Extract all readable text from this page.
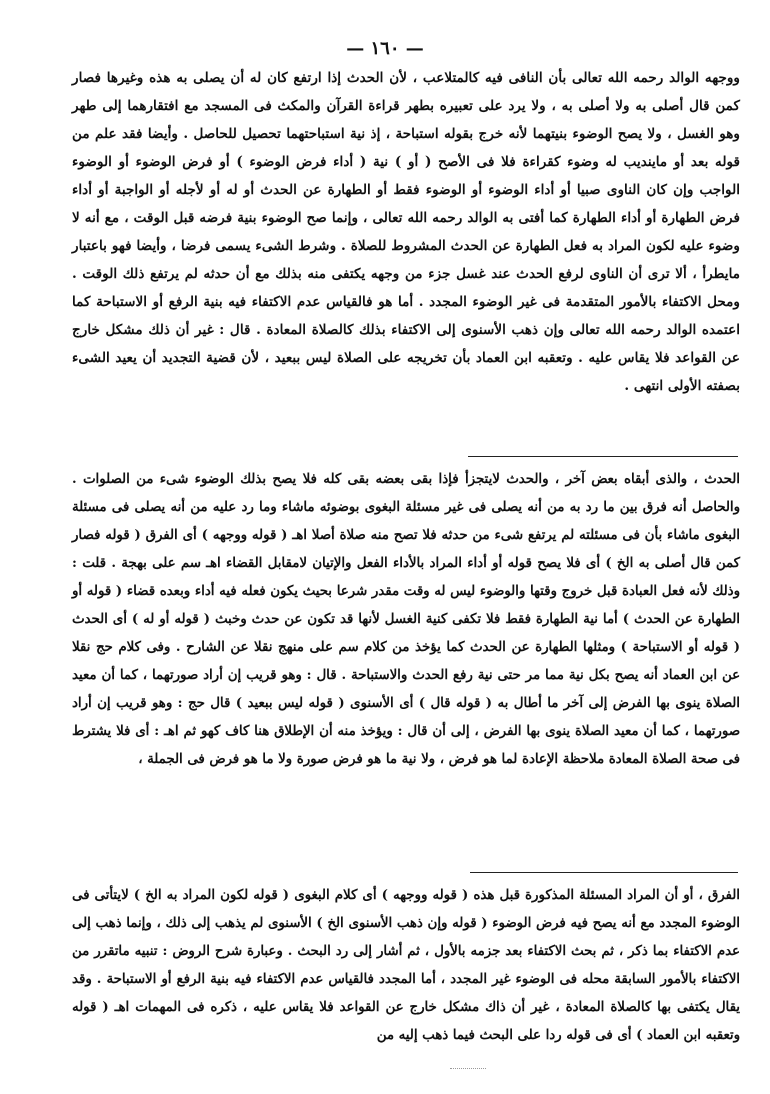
— ١٦٠ —

ووجهه الوالد رحمه الله تعالى بأن النافى فيه كالمتلاعب ، لأن الحدث إذا ارتفع كان له أن يصلى به هذه وغيرها فصار كمن قال أصلى به ولا أصلى به ، ولا يرد على تعبيره بطهر قراءة القرآن والمكث فى المسجد مع افتقارهما إلى طهر وهو الغسل ، ولا يصح الوضوء بنيتهما لأنه خرج بقوله استباحة ، إذ نية استباحتهما تحصيل للحاصل . وأيضا فقد علم من قوله بعد أو ماينديب له وضوء كقراءة فلا فى الأصح ( أو ) نية ( أداء فرض الوضوء ) أو فرض الوضوء أو الوضوء الواجب وإن كان الناوى صبيا أو أداء الوضوء أو الوضوء فقط أو الطهارة عن الحدث أو له أو لأجله أو الواجبة أو أداء فرض الطهارة أو أداء الطهارة كما أفتى به الوالد رحمه الله تعالى ، وإنما صح الوضوء بنية فرضه قبل الوقت ، مع أنه لا وضوء عليه لكون المراد به فعل الطهارة عن الحدث المشروط للصلاة . وشرط الشىء يسمى فرضا ، وأيضا فهو باعتبار مايطرأ ، ألا ترى أن الناوى لرفع الحدث عند غسل جزء من وجهه يكتفى منه بذلك مع أن حدثه لم يرتفع ذلك الوقت . ومحل الاكتفاء بالأمور المتقدمة فى غير الوضوء المجدد . أما هو فالقياس عدم الاكتفاء فيه بنية الرفع أو الاستباحة كما اعتمده الوالد رحمه الله تعالى وإن ذهب الأسنوى إلى الاكتفاء بذلك كالصلاة المعادة . قال : غير أن ذلك مشكل خارج عن القواعد فلا يقاس عليه . وتعقبه ابن العماد بأن تخريجه على الصلاة ليس ببعيد ، لأن قضية التجديد أن يعيد الشىء بصفته الأولى انتهى .

الحدث ، والذى أبقاه بعض آخر ، والحدث لايتجزأ فإذا بقى بعضه بقى كله فلا يصح بذلك الوضوء شىء من الصلوات . والحاصل أنه فرق بين ما رد به من أنه يصلى فى غير مسئلة البغوى بوضوئه ماشاء وما رد عليه من أنه يصلى فى مسئلة البغوى ماشاء بأن فى مسئلته لم يرتفع شىء من حدثه فلا تصح منه صلاة أصلا اهـ ( قوله ووجهه ) أى الفرق ( قوله فصار كمن قال أصلى به الخ ) أى فلا يصح قوله أو أداء المراد بالأداء الفعل والإتيان لامقابل القضاء اهـ سم على بهجة . قلت : وذلك لأنه فعل العبادة قبل خروج وقتها والوضوء ليس له وقت مقدر شرعا بحيث يكون فعله فيه أداء وبعده قضاء ( قوله أو الطهارة عن الحدث ) أما نية الطهارة فقط فلا تكفى كنية الغسل لأنها قد تكون عن حدث وخبث ( قوله أو له ) أى الحدث ( قوله أو الاستباحة ) ومثلها الطهارة عن الحدث كما يؤخذ من كلام سم على منهج نقلا عن الشارح . وفى كلام حج نقلا عن ابن العماد أنه يصح بكل نية مما مر حتى نية رفع الحدث والاستباحة . قال : وهو قريب إن أراد صورتهما ، كما أن معيد الصلاة ينوى بها الفرض إلى آخر ما أطال به ( قوله قال ) أى الأسنوى ( قوله ليس ببعيد ) قال حج : وهو قريب إن أراد صورتهما ، كما أن معيد الصلاة ينوى بها الفرض ، إلى أن قال : ويؤخذ منه أن الإطلاق هنا كاف كهو ثم اهـ : أى فلا يشترط فى صحة الصلاة المعادة ملاحظة الإعادة لما هو فرض ، ولا نية ما هو فرض صورة ولا ما هو فرض فى الجملة ،

الفرق ، أو أن المراد المسئلة المذكورة قبل هذه ( قوله ووجهه ) أى كلام البغوى ( قوله لكون المراد به الخ ) لايتأتى فى الوضوء المجدد مع أنه يصح فيه فرض الوضوء ( قوله وإن ذهب الأسنوى الخ ) الأسنوى لم يذهب إلى ذلك ، وإنما ذهب إلى عدم الاكتفاء بما ذكر ، ثم بحث الاكتفاء بعد جزمه بالأول ، ثم أشار إلى رد البحث . وعبارة شرح الروض : تنبيه ماتقرر من الاكتفاء بالأمور السابقة محله فى الوضوء غير المجدد ، أما المجدد فالقياس عدم الاكتفاء فيه بنية الرفع أو الاستباحة . وقد يقال يكتفى بها كالصلاة المعادة ، غير أن ذاك مشكل خارج عن القواعد فلا يقاس عليه ، ذكره فى المهمات اهـ ( قوله وتعقبه ابن العماد ) أى فى قوله ردا على البحث فيما ذهب إليه من
